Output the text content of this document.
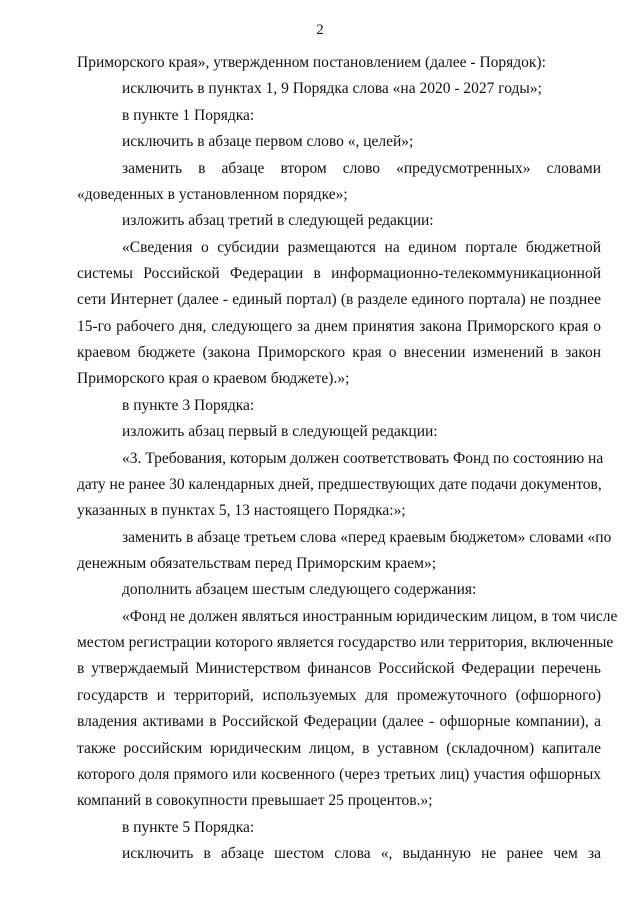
2
Приморского края», утвержденном постановлением (далее - Порядок):
исключить в пунктах 1, 9 Порядка слова «на 2020 - 2027 годы»;
в пункте 1 Порядка:
исключить в абзаце первом слово «, целей»;
заменить в абзаце втором слово «предусмотренных» словами
«доведенных в установленном порядке»;
изложить абзац третий в следующей редакции:
«Сведения о субсидии размещаются на едином портале бюджетной
системы Российской Федерации в информационно-телекоммуникационной
сети Интернет (далее - единый портал) (в разделе единого портала) не позднее
15-го рабочего дня, следующего за днем принятия закона Приморского края о
краевом бюджете (закона Приморского края о внесении изменений в закон
Приморского края о краевом бюджете).»;
в пункте 3 Порядка:
изложить абзац первый в следующей редакции:
«3. Требования, которым должен соответствовать Фонд по состоянию на
дату не ранее 30 календарных дней, предшествующих дате подачи документов,
указанных в пунктах 5, 13 настоящего Порядка:»;
заменить в абзаце третьем слова «перед краевым бюджетом» словами «по
денежным обязательствам перед Приморским краем»;
дополнить абзацем шестым следующего содержания:
«Фонд не должен являться иностранным юридическим лицом, в том числе
местом регистрации которого является государство или территория, включенные
в утверждаемый Министерством финансов Российской Федерации перечень
государств и территорий, используемых для промежуточного (офшорного)
владения активами в Российской Федерации (далее - офшорные компании), а
также российским юридическим лицом, в уставном (складочном) капитале
которого доля прямого или косвенного (через третьих лиц) участия офшорных
компаний в совокупности превышает 25 процентов.»;
в пункте 5 Порядка:
исключить в абзаце шестом слова «, выданную не ранее чем за
